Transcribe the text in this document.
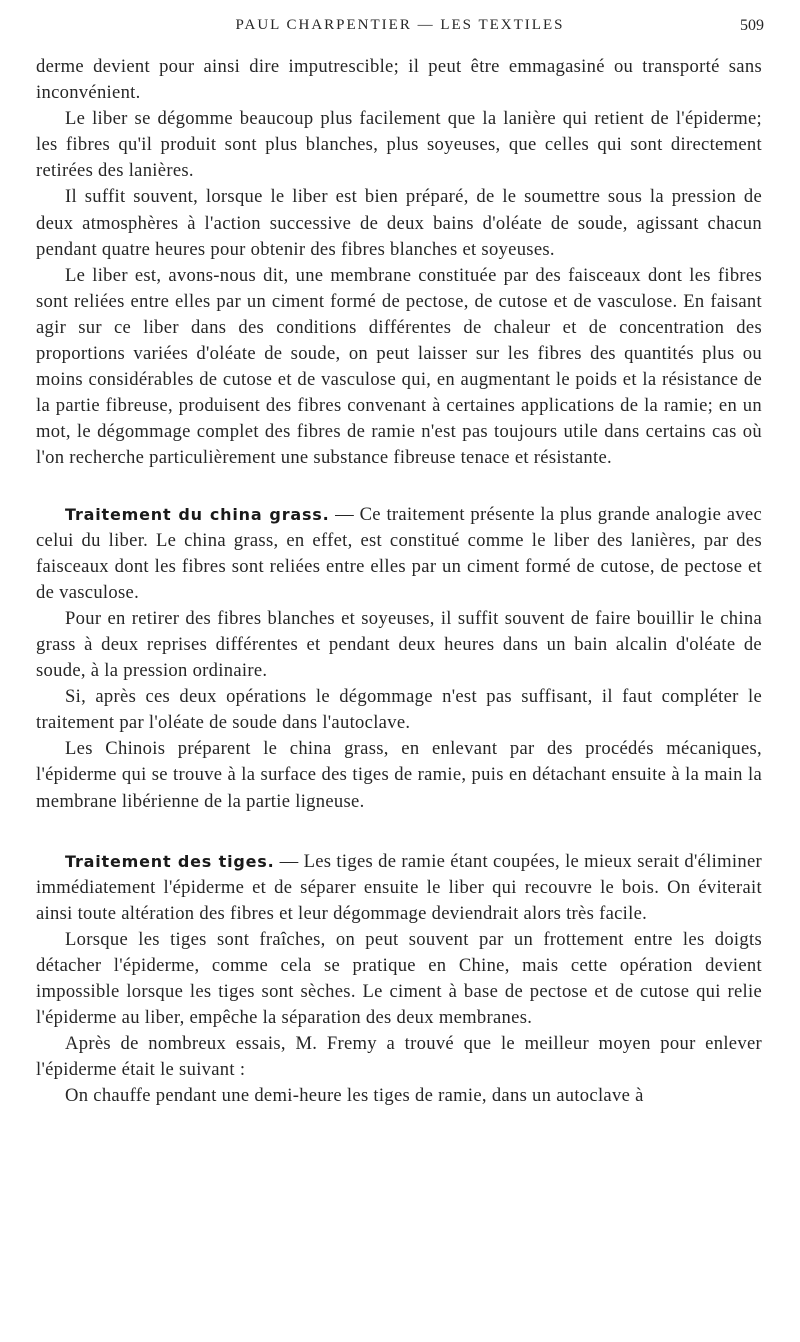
PAUL CHARPENTIER — LES TEXTILES	509

derme devient pour ainsi dire imputrescible; il peut être emmagasiné ou transporté sans inconvénient.

Le liber se dégomme beaucoup plus facilement que la lanière qui retient de l'épiderme; les fibres qu'il produit sont plus blanches, plus soyeuses, que celles qui sont directement retirées des lanières.

Il suffit souvent, lorsque le liber est bien préparé, de le soumettre sous la pression de deux atmosphères à l'action successive de deux bains d'oléate de soude, agissant chacun pendant quatre heures pour obtenir des fibres blanches et soyeuses.

Le liber est, avons-nous dit, une membrane constituée par des faisceaux dont les fibres sont reliées entre elles par un ciment formé de pectose, de cutose et de vasculose. En faisant agir sur ce liber dans des conditions différentes de chaleur et de concentration des proportions variées d'oléate de soude, on peut laisser sur les fibres des quantités plus ou moins considérables de cutose et de vasculose qui, en augmentant le poids et la résistance de la partie fibreuse, produisent des fibres convenant à certaines applications de la ramie; en un mot, le dégommage complet des fibres de ramie n'est pas toujours utile dans certains cas où l'on recherche particulièrement une substance fibreuse tenace et résistante.

Traitement du china grass. — Ce traitement présente la plus grande analogie avec celui du liber. Le china grass, en effet, est constitué comme le liber des lanières, par des faisceaux dont les fibres sont reliées entre elles par un ciment formé de cutose, de pectose et de vasculose.

Pour en retirer des fibres blanches et soyeuses, il suffit souvent de faire bouillir le china grass à deux reprises différentes et pendant deux heures dans un bain alcalin d'oléate de soude, à la pression ordinaire.

Si, après ces deux opérations le dégommage n'est pas suffisant, il faut compléter le traitement par l'oléate de soude dans l'autoclave.

Les Chinois préparent le china grass, en enlevant par des procédés mécaniques, l'épiderme qui se trouve à la surface des tiges de ramie, puis en détachant ensuite à la main la membrane libérienne de la partie ligneuse.

Traitement des tiges. — Les tiges de ramie étant coupées, le mieux serait d'éliminer immédiatement l'épiderme et de séparer ensuite le liber qui recouvre le bois. On éviterait ainsi toute altération des fibres et leur dégommage deviendrait alors très facile.

Lorsque les tiges sont fraîches, on peut souvent par un frottement entre les doigts détacher l'épiderme, comme cela se pratique en Chine, mais cette opération devient impossible lorsque les tiges sont sèches. Le ciment à base de pectose et de cutose qui relie l'épiderme au liber, empêche la séparation des deux membranes.

Après de nombreux essais, M. Fremy a trouvé que le meilleur moyen pour enlever l'épiderme était le suivant :

On chauffe pendant une demi-heure les tiges de ramie, dans un autoclave à
